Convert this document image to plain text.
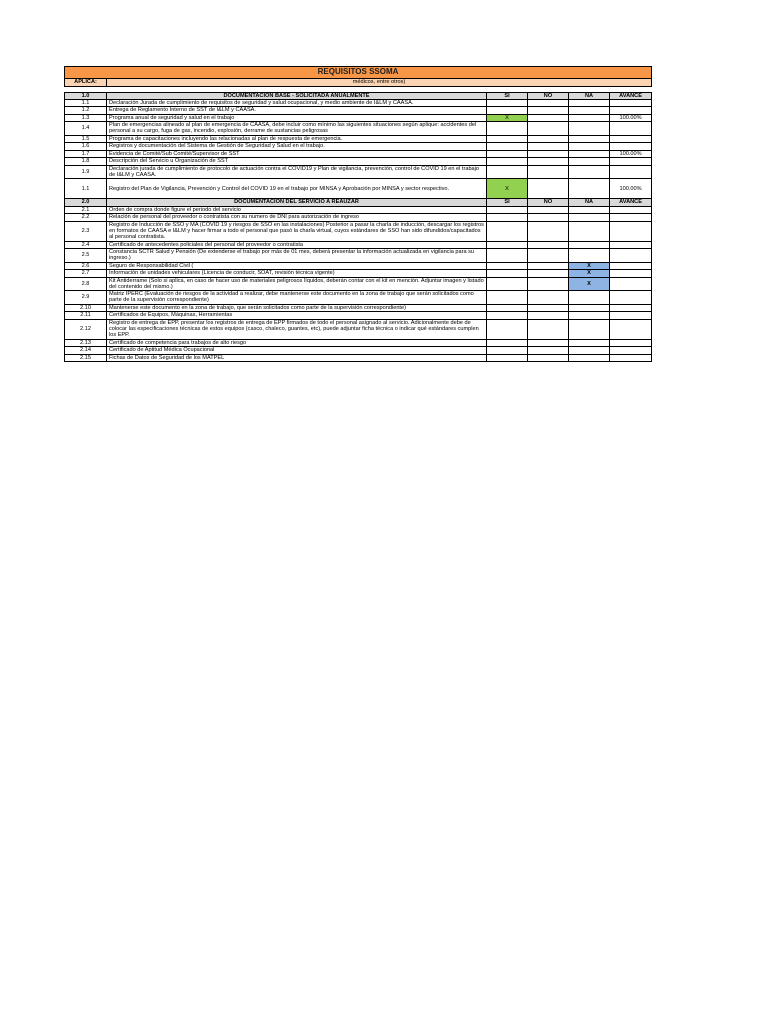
REQUISITOS SSOMA					
APLICA:	médicos, entre otros)				

1.0	DOCUMENTACIÓN BASE - SOLICITADA ANUALMENTE	SI	NO	NA	AVANCE
1.1	Declaración Jurada de cumplimiento de requisitos de seguridad y salud ocupacional, y medio ambiente de I&LM y CAASA.				
1.2	Entrega de Reglamento Interno de SST de I&LM y CAASA.				
1.3	Programa anual de seguridad y salud en el trabajo	X			100.00%
1.4	Plan de emergencias alineado al plan de emergencia de CAASA, debe incluir como mínimo las siguientes situaciones según aplique: accidentes del personal a su cargo, fuga de gas, incendio, explosión, derrame de sustancias peligrosas				
1.5	Programa de capacitaciones incluyendo las relacionadas al plan de respuesta de emergencia.				
1.6	Registros y documentación del Sistema de Gestión de Seguridad y Salud en el trabajo.				
1.7	Evidencia de Comité/Sub Comité/Supervisor de SST				100.00%
1.8	Descripción del Servicio u Organización de SST				
1.9	Declaración jurada de cumplimiento de protocolo de actuación contra el COVID19 y Plan de vigilancia, prevención, control de COVID 19 en el trabajo de I&LM y CAASA.				
1.1	Registro del Plan de Vigilancia, Prevención y Control del COVID 19 en el trabajo por MINSA y Aprobación por MINSA y sector respectivo.	X			100.00%
2.0	DOCUMENTACIÓN DEL SERVICIO A REAUZAR	SI	NO	NA	AVANCE
2.1	Orden de compra donde figure el periodo del servicio				
2.2	Relación de personal del proveedor o contratista con su numero de DNI para autorización de ingreso				
2.3	Registro de Inducción de SSO y MA (COVID 19 y riesgos de SSO en las instalaciones) Posterior a pasar la charla de inducción, descargar los registros en formatos de CAASA e I&LM y hacer firmar a todo el personal que pasó la charla virtual, cuyos estándares de SSO han sido difundidos/capacitados al personal contratista.				
2.4	Certificado de antecedentes policiales del personal del proveedor o contratista				
2.5	Constancia SCTR Salud y Pensión (De extenderse el trabajo por más de 01 mes, deberá presentar la información actualizada en vigilancia para su ingreso.)				
2.6	Seguro de Responsabilidad Civil (			X	
2.7	Información de unidades vehiculares (Licencia de conducir, SOAT, revisión técnica vigente)			X	
2.8	Kit Antiderrame (Solo si aplica, en caso de hacer uso de materiales peligrosos líquidos, deberán contar con el kit en mención. Adjuntar imagen y listado del contenido del mismo.)			X	
2.9	Matriz IPERC (Evaluación de riesgos de la actividad a realizar, debe mantenerse este documento en la zona de trabajo que serán solicitados como parte de la supervisión correspondiente)				
2.10	Mantenerse este documento en la zona de trabajo, que serán solicitados como parte de la supervisión correspondiente)				
2.11	Certificados de Equipos, Máquinas, Herramientas				
2.12	Registro de entrega de EPP, presentar los registros de entrega de EPP firmados de todo el personal asignado al servicio. Adicionalmente debe de colocar las especificaciones técnicas de estos equipos (casco, chaleco, guantes, etc), puede adjuntar ficha técnica o indicar qué estándares cumplen los EPP.				
2.13	Certificado de competencia para trabajos de alto riesgo				
2.14	Certificado de Aptitud Médica Ocupacional				
2.15	Fichas de Datos de Seguridad de los MATPEL				
